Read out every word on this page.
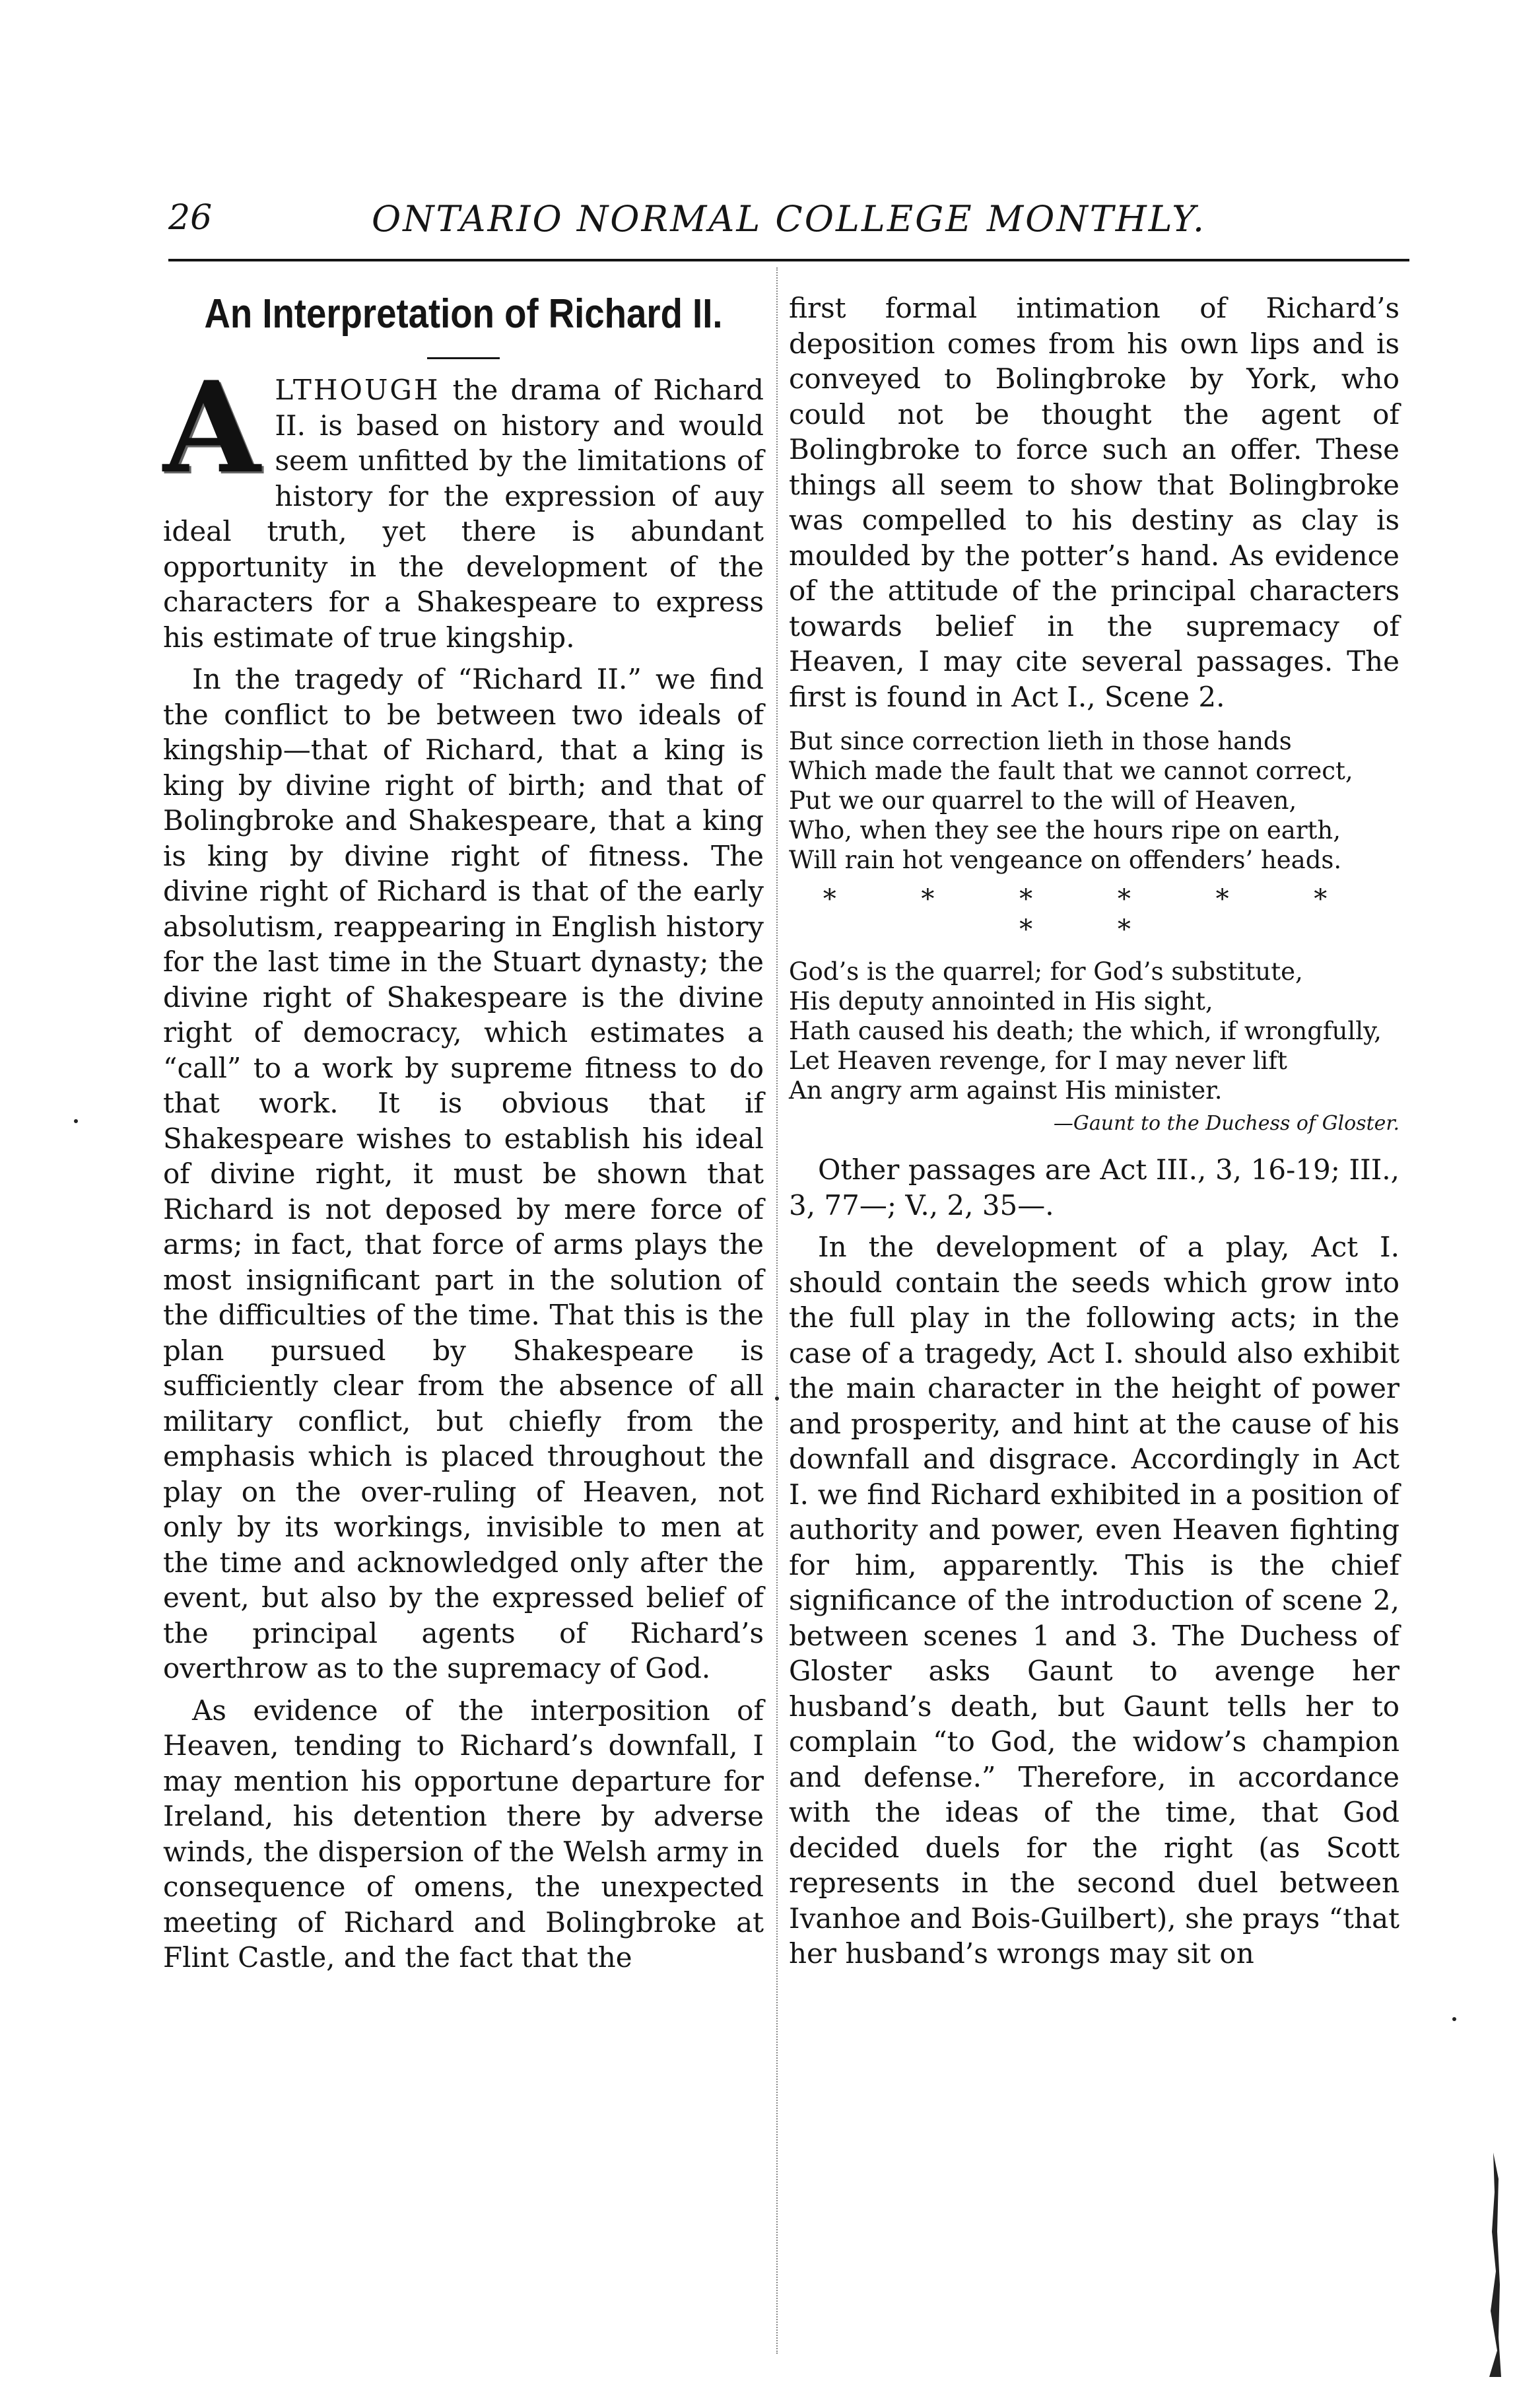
26	ONTARIO NORMAL COLLEGE MONTHLY.
An Interpretation of Richard II.

ALTHOUGH the drama of Richard II. is based on history and would seem unfitted by the limitations of history for the expression of auy ideal truth, yet there is abundant opportunity in the development of the characters for a Shakespeare to express his estimate of true kingship.

In the tragedy of “Richard II.” we find the conflict to be between two ideals of kingship—that of Richard, that a king is king by divine right of birth; and that of Bolingbroke and Shakespeare, that a king is king by divine right of fitness. The divine right of Richard is that of the early absolutism, reappearing in English history for the last time in the Stuart dynasty; the divine right of Shakespeare is the divine right of democracy, which estimates a “call” to a work by supreme fitness to do that work. It is obvious that if Shakespeare wishes to establish his ideal of divine right, it must be shown that Richard is not deposed by mere force of arms; in fact, that force of arms plays the most insignificant part in the solution of the difficulties of the time. That this is the plan pursued by Shakespeare is sufficiently clear from the absence of all military conflict, but chiefly from the emphasis which is placed throughout the play on the over-ruling of Heaven, not only by its workings, invisible to men at the time and acknowledged only after the event, but also by the expressed belief of the principal agents of Richard’s overthrow as to the supremacy of God.

As evidence of the interposition of Heaven, tending to Richard’s downfall, I may mention his opportune departure for Ireland, his detention there by adverse winds, the dispersion of the Welsh army in consequence of omens, the unexpected meeting of Richard and Bolingbroke at Flint Castle, and the fact that the

first formal intimation of Richard’s deposition comes from his own lips and is conveyed to Bolingbroke by York, who could not be thought the agent of Bolingbroke to force such an offer. These things all seem to show that Bolingbroke was compelled to his destiny as clay is moulded by the potter’s hand. As evidence of the attitude of the principal characters towards belief in the supremacy of Heaven, I may cite several passages. The first is found in Act I., Scene 2.

But since correction lieth in those hands
Which made the fault that we cannot correct,
Put we our quarrel to the will of Heaven,
Who, when they see the hours ripe on earth,
Will rain hot vengeance on offenders’ heads.
* * * * * * * *
God’s is the quarrel; for God’s substitute,
His deputy annointed in His sight,
Hath caused his death; the which, if wrongfully,
Let Heaven revenge, for I may never lift
An angry arm against His minister.
—Gaunt to the Duchess of Gloster.

Other passages are Act III., 3, 16-19; III., 3, 77—; V., 2, 35—.

In the development of a play, Act I. should contain the seeds which grow into the full play in the following acts; in the case of a tragedy, Act I. should also exhibit the main character in the height of power and prosperity, and hint at the cause of his downfall and disgrace. Accordingly in Act I. we find Richard exhibited in a position of authority and power, even Heaven fighting for him, apparently. This is the chief significance of the introduction of scene 2, between scenes 1 and 3. The Duchess of Gloster asks Gaunt to avenge her husband’s death, but Gaunt tells her to complain “to God, the widow’s champion and defense.” Therefore, in accordance with the ideas of the time, that God decided duels for the right (as Scott represents in the second duel between Ivanhoe and Bois-Guilbert), she prays “that her husband’s wrongs may sit on
